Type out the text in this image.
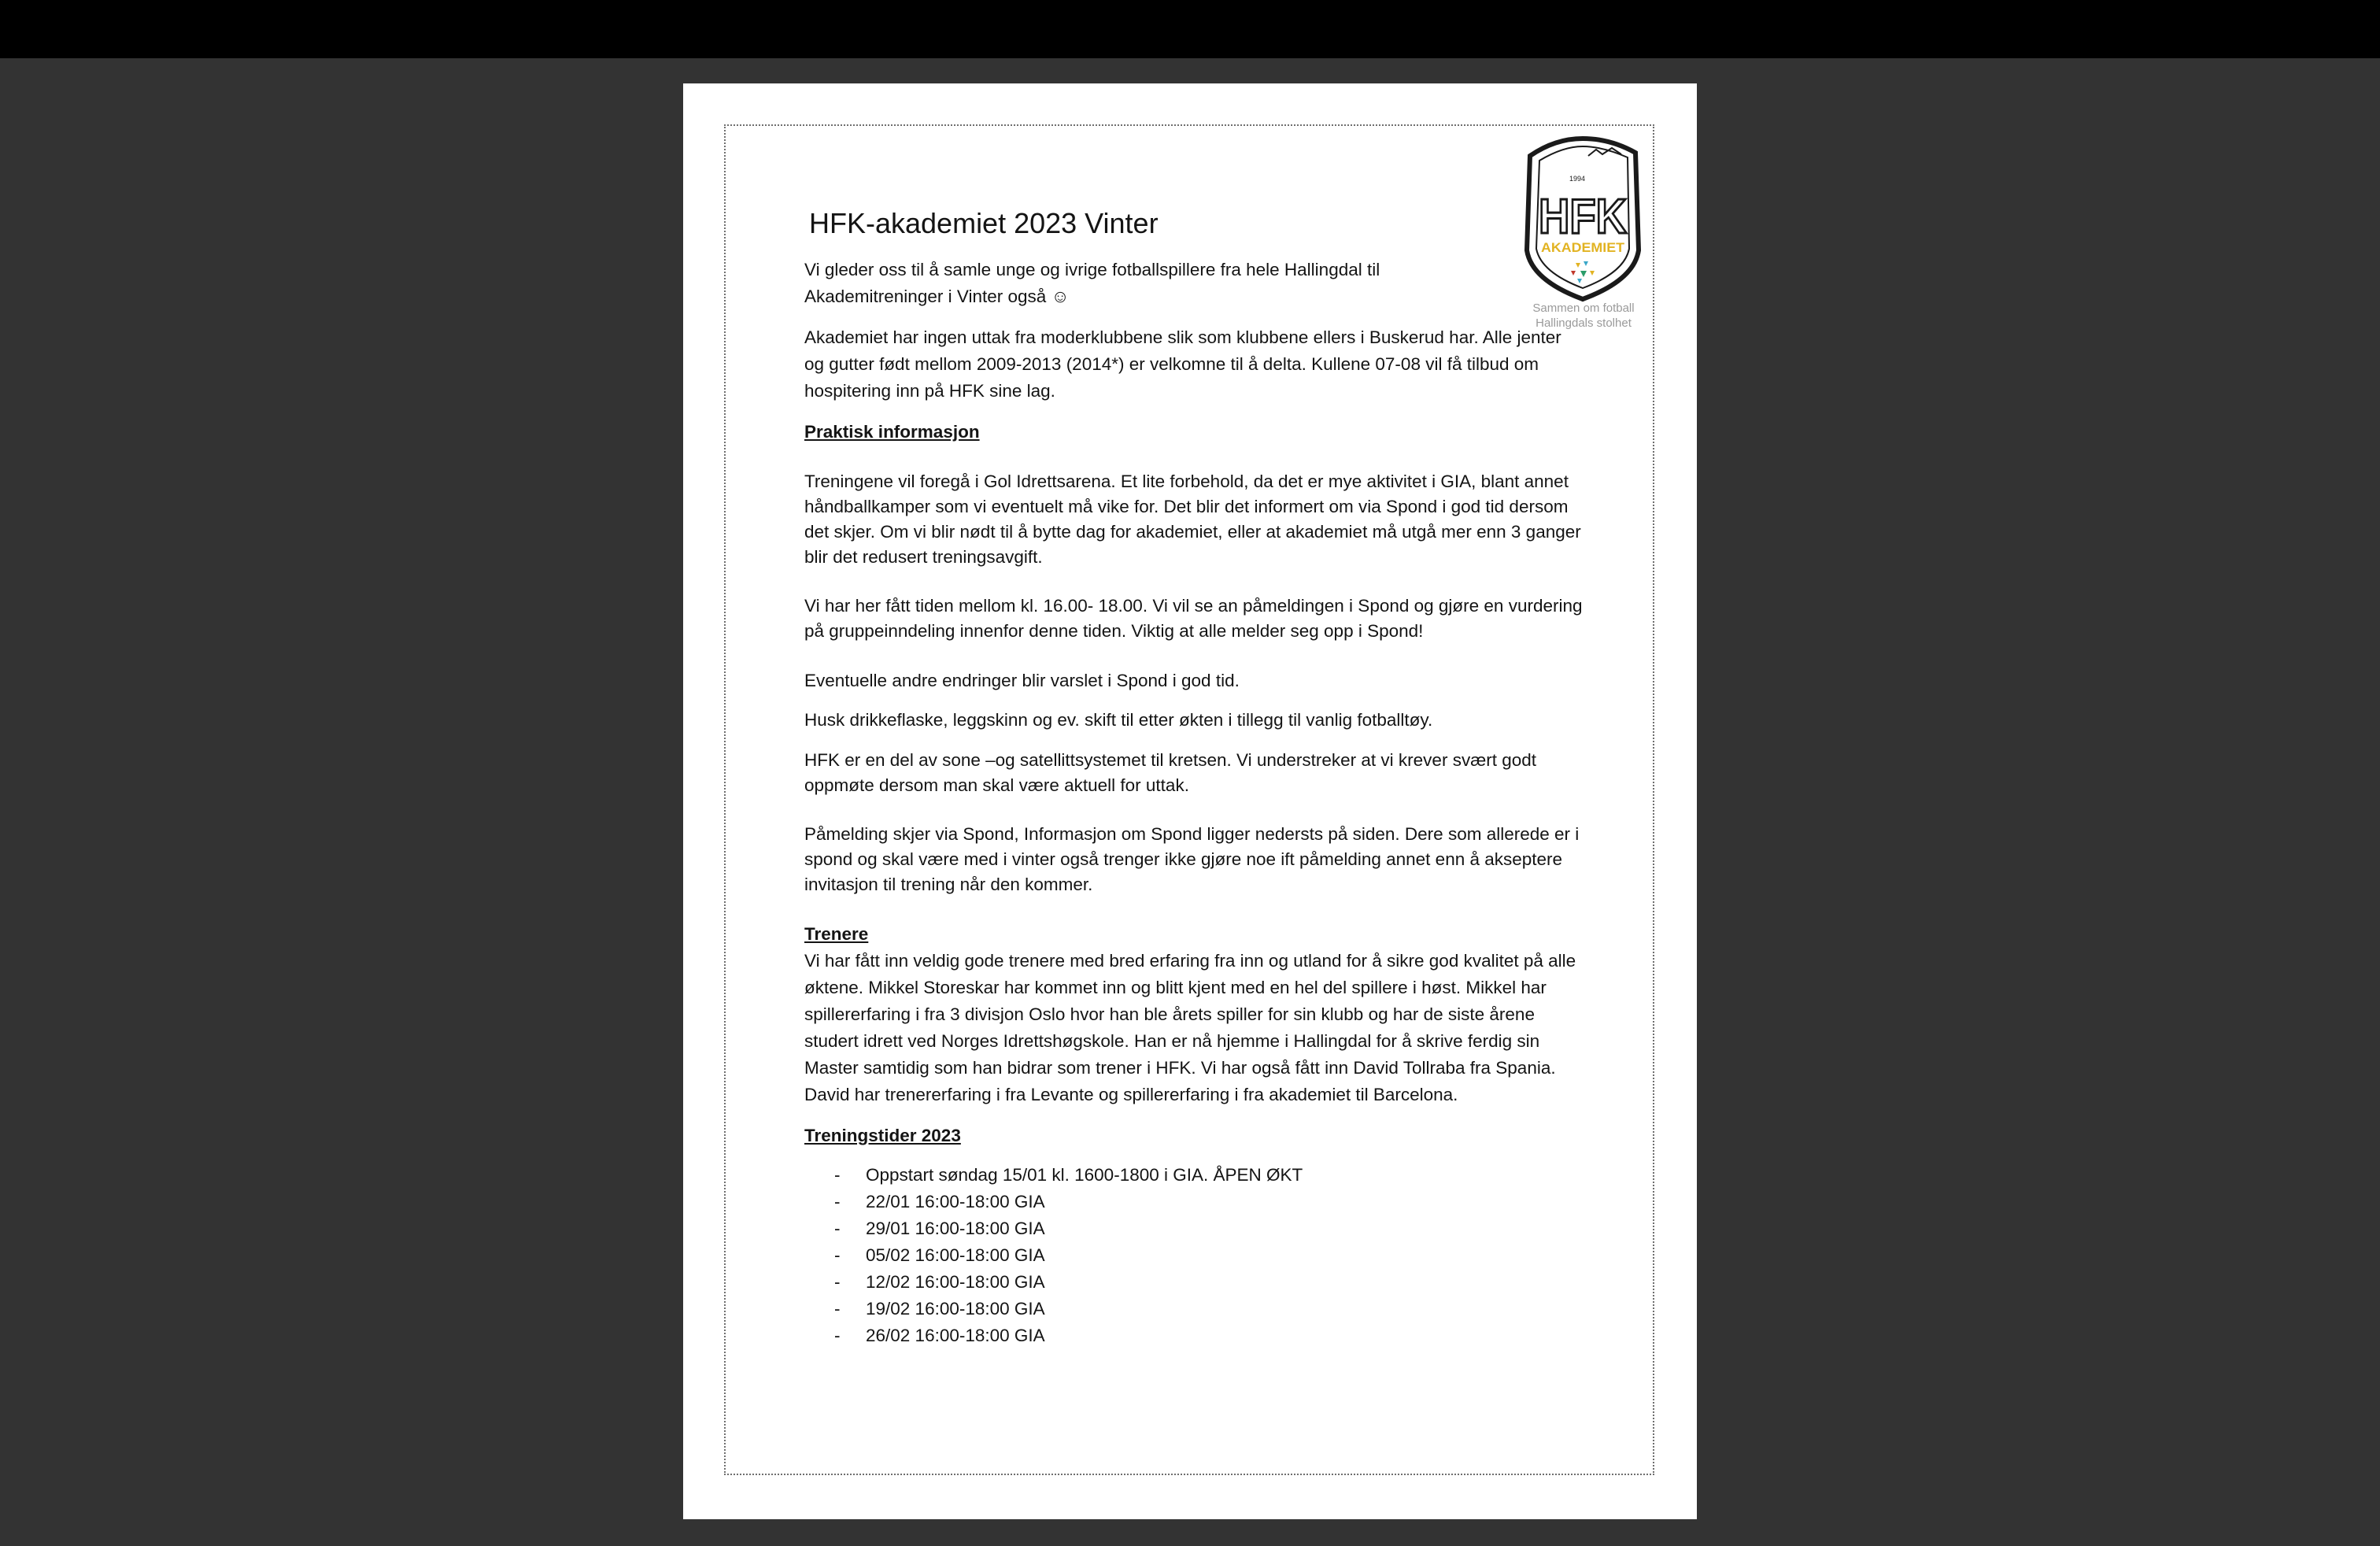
1994
HFK
AKADEMIET
Sammen om fotball
Hallingdals stolhet
HFK-akademiet 2023 Vinter

Vi gleder oss til å samle unge og ivrige fotballspillere fra hele Hallingdal til Akademitreninger i Vinter også ☺

Akademiet har ingen uttak fra moderklubbene slik som klubbene ellers i Buskerud har. Alle jenter og gutter født mellom 2009-2013 (2014*) er velkomne til å delta. Kullene 07-08 vil få tilbud om hospitering inn på HFK sine lag.

Praktisk informasjon

Treningene vil foregå i Gol Idrettsarena. Et lite forbehold, da det er mye aktivitet i GIA, blant annet håndballkamper som vi eventuelt må vike for. Det blir det informert om via Spond i god tid dersom det skjer. Om vi blir nødt til å bytte dag for akademiet, eller at akademiet må utgå mer enn 3 ganger blir det redusert treningsavgift.

Vi har her fått tiden mellom kl. 16.00- 18.00. Vi vil se an påmeldingen i Spond og gjøre en vurdering på gruppeinndeling innenfor denne tiden. Viktig at alle melder seg opp i Spond!

Eventuelle andre endringer blir varslet i Spond i god tid.

Husk drikkeflaske, leggskinn og ev. skift til etter økten i tillegg til vanlig fotballtøy.

HFK er en del av sone –og satellittsystemet til kretsen. Vi understreker at vi krever svært godt oppmøte dersom man skal være aktuell for uttak.

Påmelding skjer via Spond, Informasjon om Spond ligger nedersts på siden. Dere som allerede er i spond og skal være med i vinter også trenger ikke gjøre noe ift påmelding annet enn å akseptere invitasjon til trening når den kommer.

Trenere

Vi har fått inn veldig gode trenere med bred erfaring fra inn og utland for å sikre god kvalitet på alle øktene. Mikkel Storeskar har kommet inn og blitt kjent med en hel del spillere i høst. Mikkel har spillererfaring i fra 3 divisjon Oslo hvor han ble årets spiller for sin klubb og har de siste årene studert idrett ved Norges Idrettshøgskole. Han er nå hjemme i Hallingdal for å skrive ferdig sin Master samtidig som han bidrar som trener i HFK. Vi har også fått inn David Tollraba fra Spania. David har trenererfaring i fra Levante og spillererfaring i fra akademiet til Barcelona.

Treningstider 2023

- Oppstart søndag 15/01 kl. 1600-1800 i GIA. ÅPEN ØKT
- 22/01 16:00-18:00 GIA
- 29/01 16:00-18:00 GIA
- 05/02 16:00-18:00 GIA
- 12/02 16:00-18:00 GIA
- 19/02 16:00-18:00 GIA
- 26/02 16:00-18:00 GIA
